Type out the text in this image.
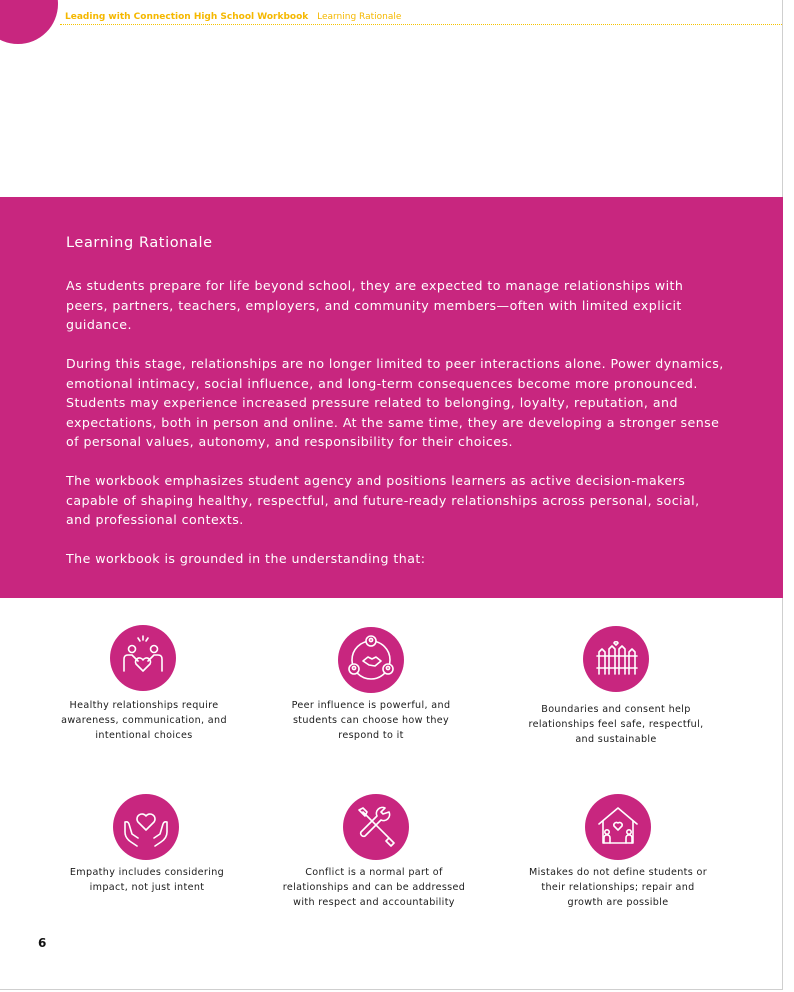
Leading with Connection High School Workbook Learning Rationale
Learning Rationale

As students prepare for life beyond school, they are expected to manage relationships with peers, partners, teachers, employers, and community members—often with limited explicit guidance.

During this stage, relationships are no longer limited to peer interactions alone. Power dynamics, emotional intimacy, social influence, and long-term consequences become more pronounced. Students may experience increased pressure related to belonging, loyalty, reputation, and expectations, both in person and online. At the same time, they are developing a stronger sense of personal values, autonomy, and responsibility for their choices.

The workbook emphasizes student agency and positions learners as active decision-makers capable of shaping healthy, respectful, and future-ready relationships across personal, social, and professional contexts.

The workbook is grounded in the understanding that:

Healthy relationships require awareness, communication, and intentional choices
Peer influence is powerful, and students can choose how they respond to it
Boundaries and consent help relationships feel safe, respectful, and sustainable
Empathy includes considering impact, not just intent
Conflict is a normal part of relationships and can be addressed with respect and accountability
Mistakes do not define students or their relationships; repair and growth are possible
6
